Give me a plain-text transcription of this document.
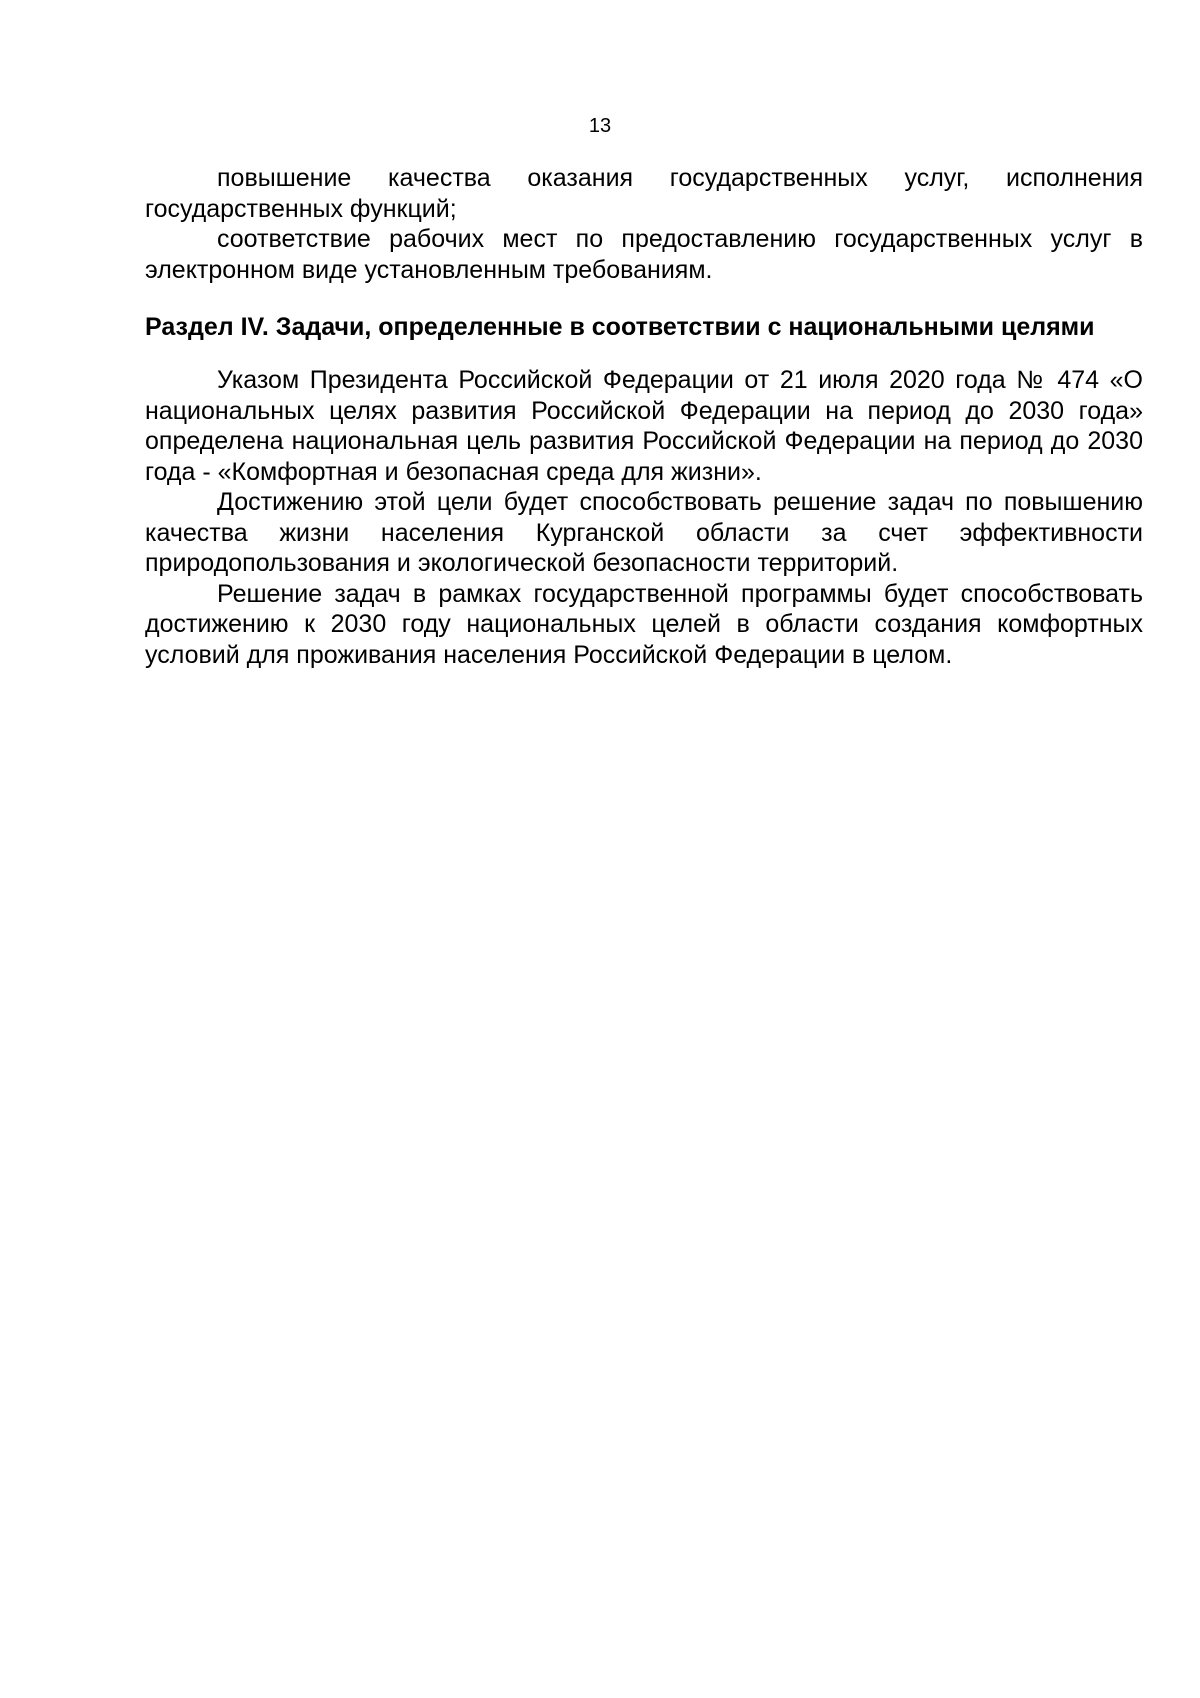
13

повышение качества оказания государственных услуг, исполнения государственных функций;

соответствие рабочих мест по предоставлению государственных услуг в электронном виде установленным требованиям.

Раздел IV. Задачи, определенные в соответствии с национальными целями

Указом Президента Российской Федерации от 21 июля 2020 года № 474 «О национальных целях развития Российской Федерации на период до 2030 года» определена национальная цель развития Российской Федерации на период до 2030 года - «Комфортная и безопасная среда для жизни».

Достижению этой цели будет способствовать решение задач по повышению качества жизни населения Курганской области за счет эффективности природопользования и экологической безопасности территорий.

Решение задач в рамках государственной программы будет способствовать достижению к 2030 году национальных целей в области создания комфортных условий для проживания населения Российской Федерации в целом.
